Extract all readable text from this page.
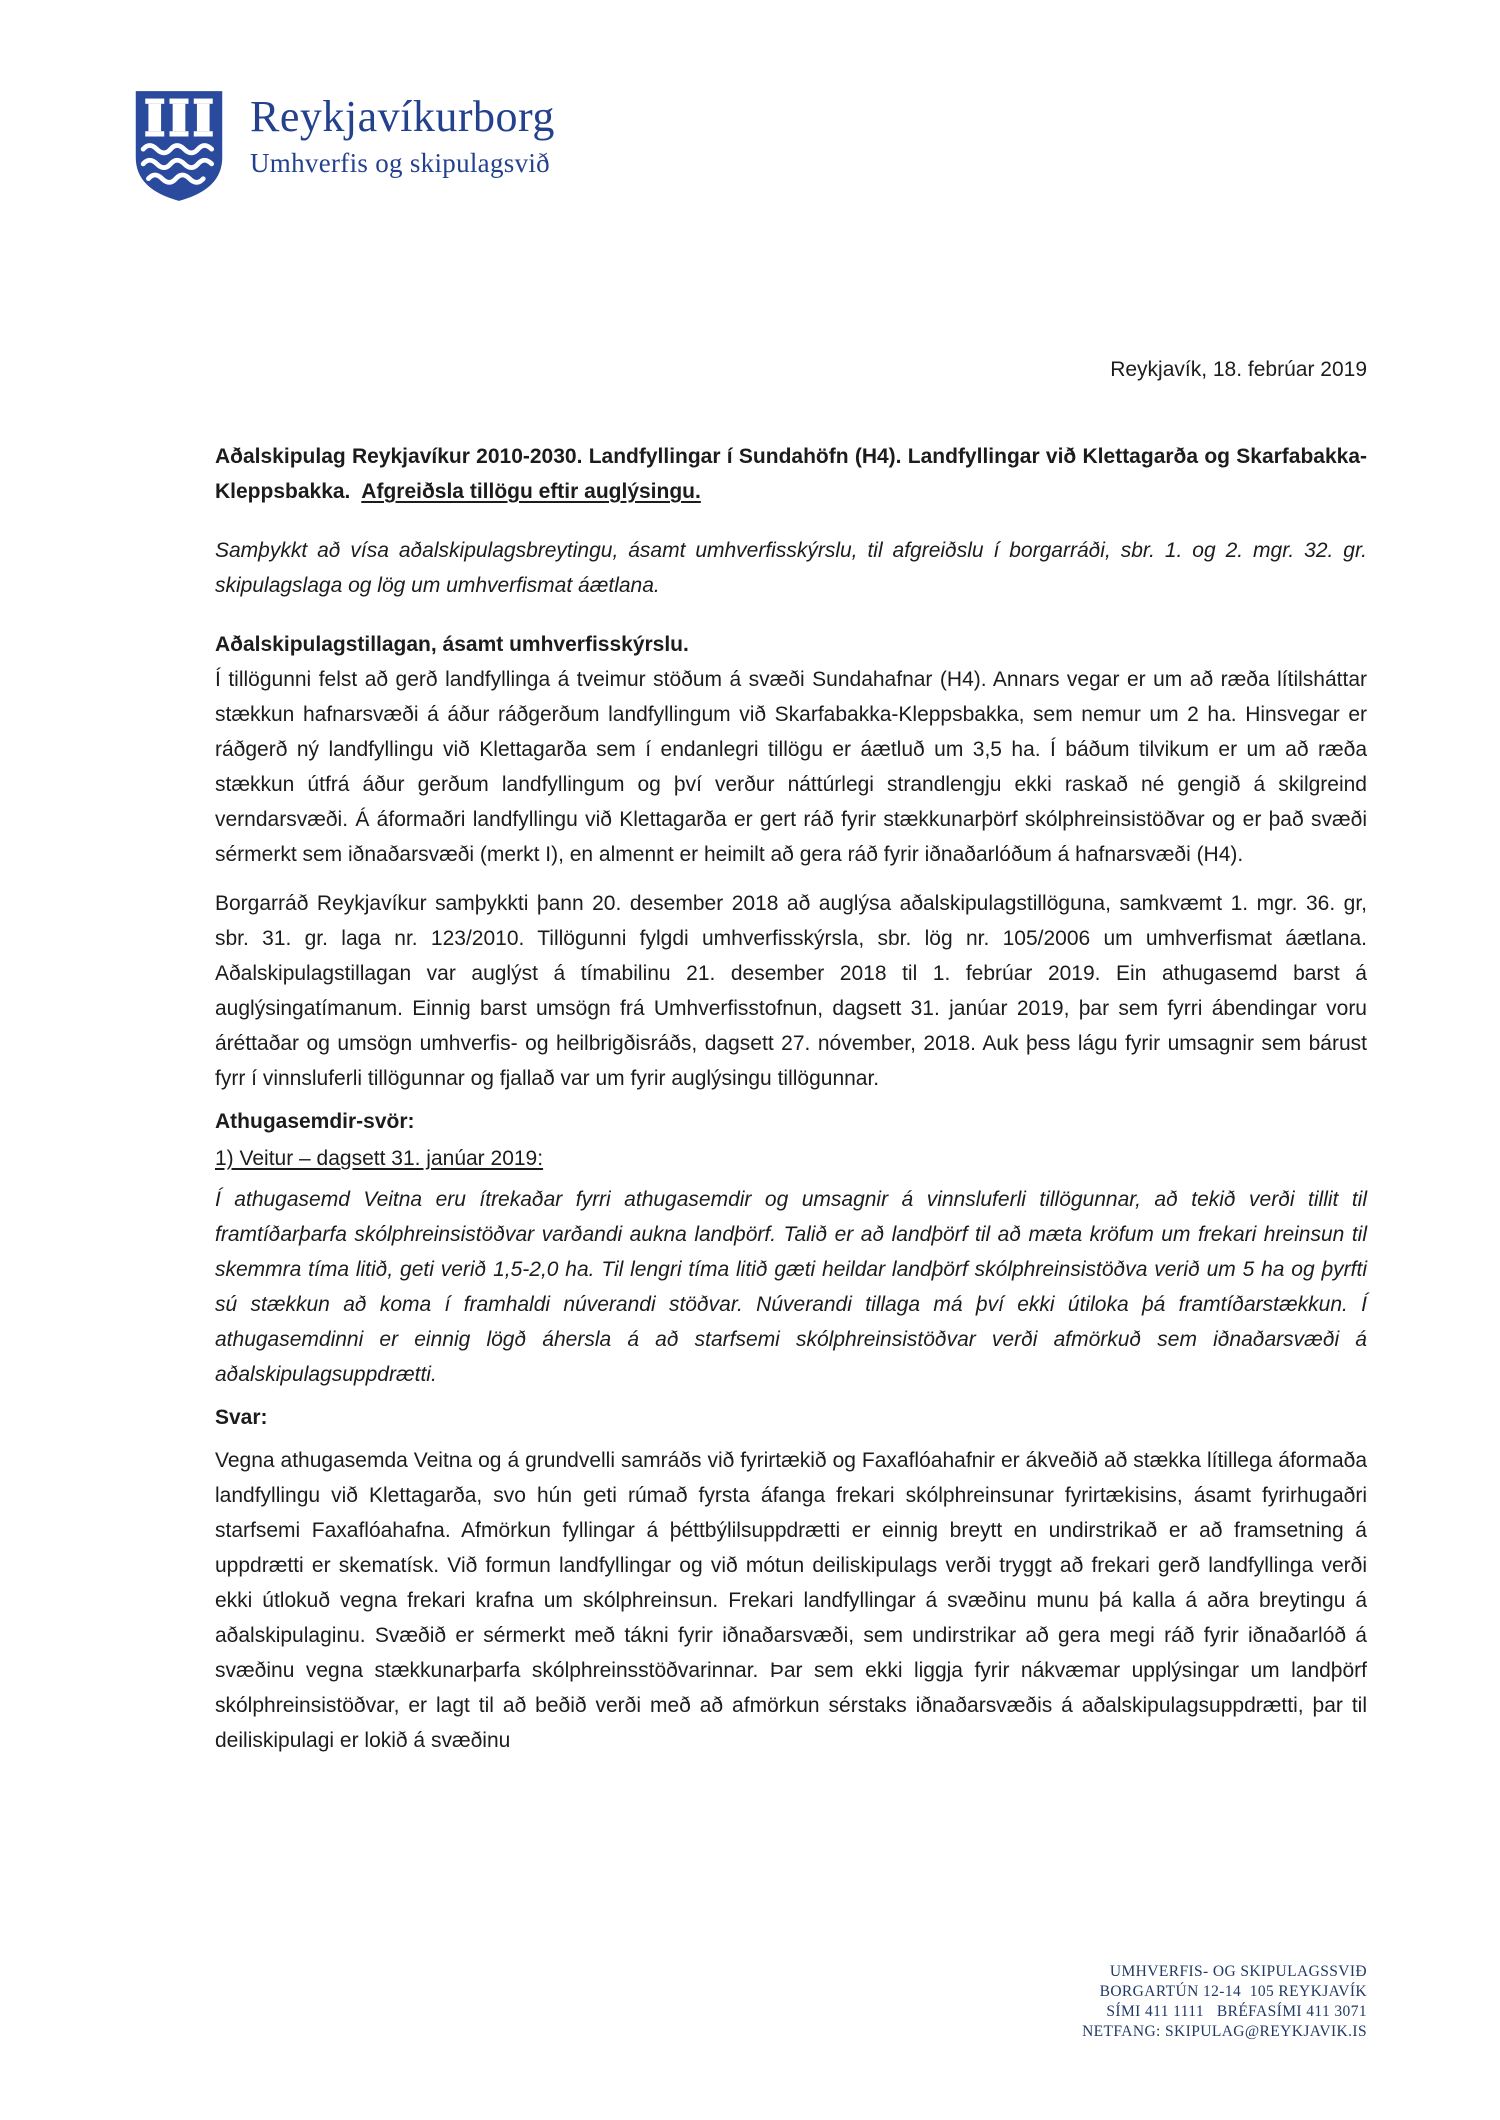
Reykjavíkurborg
Umhverfis og skipulagsvið

Reykjavík, 18. febrúar 2019

Aðalskipulag Reykjavíkur 2010-2030. Landfyllingar í Sundahöfn (H4). Landfyllingar við Klettagarða og Skarfabakka-Kleppsbakka.  Afgreiðsla tillögu eftir auglýsingu.

Samþykkt að vísa aðalskipulagsbreytingu, ásamt umhverfisskýrslu, til afgreiðslu í borgarráði, sbr. 1. og 2. mgr. 32. gr. skipulagslaga og lög um umhverfismat áætlana.

Aðalskipulagstillagan, ásamt umhverfisskýrslu.

Í tillögunni felst að gerð landfyllinga á tveimur stöðum á svæði Sundahafnar (H4). Annars vegar er um að ræða lítilsháttar stækkun hafnarsvæði á áður ráðgerðum landfyllingum við Skarfabakka-Kleppsbakka, sem nemur um 2 ha. Hinsvegar er ráðgerð ný landfyllingu við Klettagarða sem í endanlegri tillögu er áætluð um 3,5 ha. Í báðum tilvikum er um að ræða stækkun útfrá áður gerðum landfyllingum og því verður náttúrlegi strandlengju ekki raskað né gengið á skilgreind verndarsvæði. Á áformaðri landfyllingu við Klettagarða er gert ráð fyrir stækkunarþörf skólphreinsistöðvar og er það svæði sérmerkt sem iðnaðarsvæði (merkt I), en almennt er heimilt að gera ráð fyrir iðnaðarlóðum á hafnarsvæði (H4).

Borgarráð Reykjavíkur samþykkti þann 20. desember 2018 að auglýsa aðalskipulagstillöguna, samkvæmt 1. mgr. 36. gr, sbr. 31. gr. laga nr. 123/2010. Tillögunni fylgdi umhverfisskýrsla, sbr. lög nr. 105/2006 um umhverfismat áætlana. Aðalskipulagstillagan var auglýst á tímabilinu 21. desember 2018 til 1. febrúar 2019. Ein athugasemd barst á auglýsingatímanum. Einnig barst umsögn frá Umhverfisstofnun, dagsett 31. janúar 2019, þar sem fyrri ábendingar voru áréttaðar og umsögn umhverfis- og heilbrigðisráðs, dagsett 27. nóvember, 2018. Auk þess lágu fyrir umsagnir sem bárust fyrr í vinnsluferli tillögunnar og fjallað var um fyrir auglýsingu tillögunnar.

Athugasemdir-svör:

1) Veitur – dagsett 31. janúar 2019:

Í athugasemd Veitna eru ítrekaðar fyrri athugasemdir og umsagnir á vinnsluferli tillögunnar, að tekið verði tillit til framtíðarþarfa skólphreinsistöðvar varðandi aukna landþörf. Talið er að landþörf til að mæta kröfum um frekari hreinsun til skemmra tíma litið, geti verið 1,5-2,0 ha. Til lengri tíma litið gæti heildar landþörf skólphreinsistöðva verið um 5 ha og þyrfti sú stækkun að koma í framhaldi núverandi stöðvar. Núverandi tillaga má því ekki útiloka þá framtíðarstækkun. Í athugasemdinni er einnig lögð áhersla á að starfsemi skólphreinsistöðvar verði afmörkuð sem iðnaðarsvæði á aðalskipulagsuppdrætti.

Svar:

Vegna athugasemda Veitna og á grundvelli samráðs við fyrirtækið og Faxaflóahafnir er ákveðið að stækka lítillega áformaða landfyllingu við Klettagarða, svo hún geti rúmað fyrsta áfanga frekari skólphreinsunar fyrirtækisins, ásamt fyrirhugaðri starfsemi Faxaflóahafna. Afmörkun fyllingar á þéttbýlilsuppdrætti er einnig breytt en undirstrikað er að framsetning á uppdrætti er skematísk. Við formun landfyllingar og við mótun deiliskipulags verði tryggt að frekari gerð landfyllinga verði ekki útlokuð vegna frekari krafna um skólphreinsun. Frekari landfyllingar á svæðinu munu þá kalla á aðra breytingu á aðalskipulaginu. Svæðið er sérmerkt með tákni fyrir iðnaðarsvæði, sem undirstrikar að gera megi ráð fyrir iðnaðarlóð á svæðinu vegna stækkunarþarfa skólphreinsstöðvarinnar. Þar sem ekki liggja fyrir nákvæmar upplýsingar um landþörf skólphreinsistöðvar, er lagt til að beðið verði með að afmörkun sérstaks iðnaðarsvæðis á aðalskipulagsuppdrætti, þar til deiliskipulagi er lokið á svæðinu

UMHVERFIS- OG SKIPULAGSSVIÐ
BORGARTÚN 12-14  105 REYKJAVÍK
SÍMI 411 1111   BRÉFASÍMI 411 3071
NETFANG: SKIPULAG@REYKJAVIK.IS
